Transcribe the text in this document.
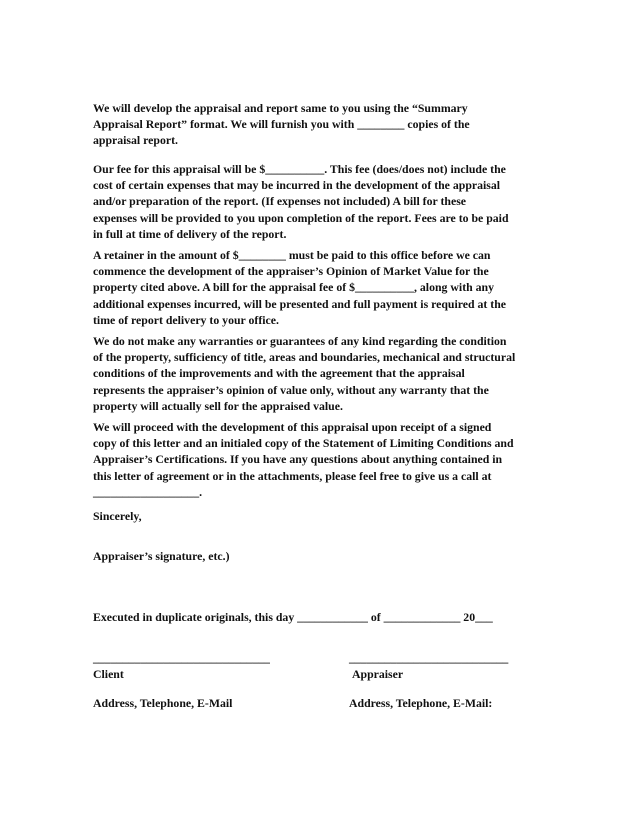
We will develop the appraisal and report same to you using the “Summary
Appraisal Report” format. We will furnish you with ________ copies of the
appraisal report.
Our fee for this appraisal will be $__________. This fee (does/does not) include the
cost of certain expenses that may be incurred in the development of the appraisal
and/or preparation of the report. (If expenses not included) A bill for these
expenses will be provided to you upon completion of the report. Fees are to be paid
in full at time of delivery of the report.
A retainer in the amount of $________ must be paid to this office before we can
commence the development of the appraiser’s Opinion of Market Value for the
property cited above. A bill for the appraisal fee of $__________, along with any
additional expenses incurred, will be presented and full payment is required at the
time of report delivery to your office.
We do not make any warranties or guarantees of any kind regarding the condition
of the property, sufficiency of title, areas and boundaries, mechanical and structural
conditions of the improvements and with the agreement that the appraisal
represents the appraiser’s opinion of value only, without any warranty that the
property will actually sell for the appraised value.
We will proceed with the development of this appraisal upon receipt of a signed
copy of this letter and an initialed copy of the Statement of Limiting Conditions and
Appraiser’s Certifications. If you have any questions about anything contained in
this letter of agreement or in the attachments, please feel free to give us a call at
__________________.
Sincerely,
Appraiser’s signature, etc.)
Executed in duplicate originals, this day ____________ of _____________ 20___
______________________________
Client
Address, Telephone, E-Mail
___________________________
Appraiser
Address, Telephone, E-Mail:
